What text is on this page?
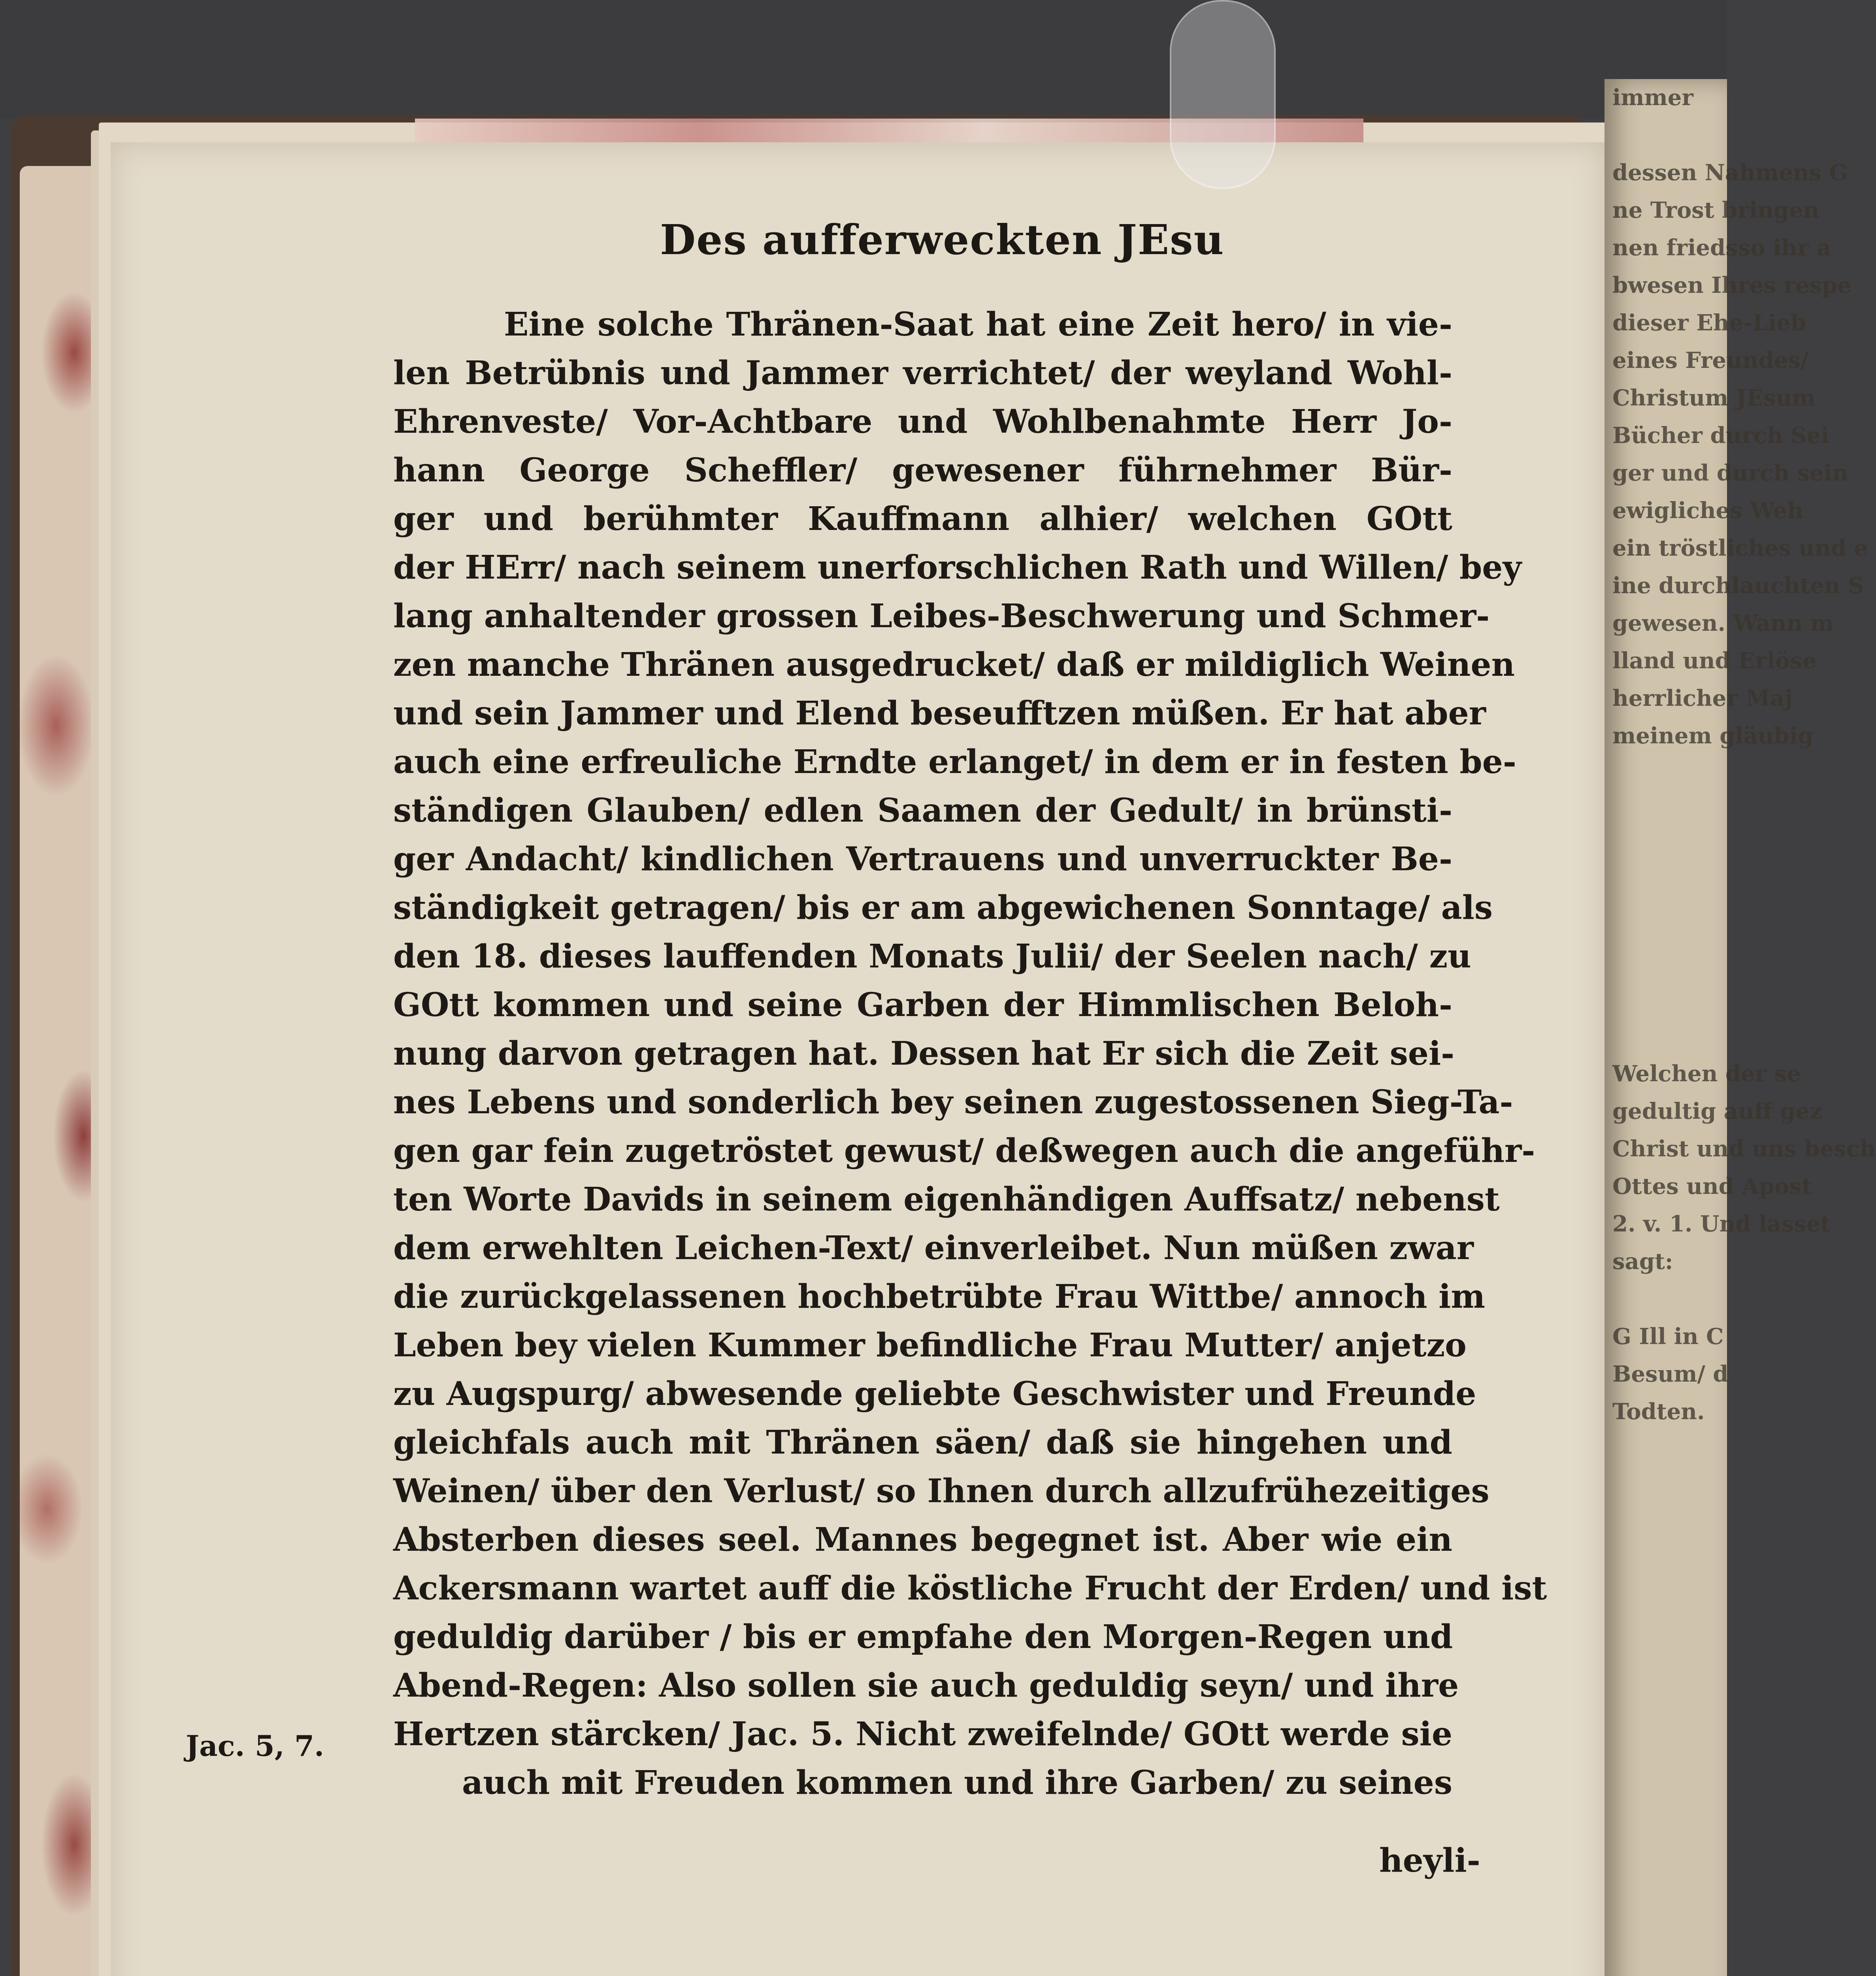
immer
dessen Nahmens G
ne Trost bringen
nen friedsso ihr a
bwesen Ihres respe
dieser Ehe-Lieb
eines Freundes/
Christum JEsum
Bücher durch Sei
ger und durch sein
ewigliches Weh
ein tröstliches und e
ine durchlauchten S
gewesen. Wann m
lland und Erlöse
herrlicher Maj
meinem gläubig
Welchen der se
gedultig auff gez
Christ und uns besch
Ottes und Apost
2. v. 1. Und lasset
sagt:
G Ill in C
Besum/ d
Todten.
Des aufferweckten JEsu
Eine solche Thränen-Saat hat eine Zeit hero/ in vie-
len Betrübnis und Jammer verrichtet/ der weyland Wohl-
Ehrenveste/ Vor-Achtbare und Wohlbenahmte Herr Jo-
hann George Scheffler/ gewesener führnehmer Bür-
ger und berühmter Kauffmann alhier/ welchen GOtt
der HErr/ nach seinem unerforschlichen Rath und Willen/ bey
lang anhaltender grossen Leibes-Beschwerung und Schmer-
zen manche Thränen ausgedrucket/ daß er mildiglich Weinen
und sein Jammer und Elend beseufftzen müßen. Er hat aber
auch eine erfreuliche Erndte erlanget/ in dem er in festen be-
ständigen Glauben/ edlen Saamen der Gedult/ in brünsti-
ger Andacht/ kindlichen Vertrauens und unverruckter Be-
ständigkeit getragen/ bis er am abgewichenen Sonntage/ als
den 18. dieses lauffenden Monats Julii/ der Seelen nach/ zu
GOtt kommen und seine Garben der Himmlischen Beloh-
nung darvon getragen hat. Dessen hat Er sich die Zeit sei-
nes Lebens und sonderlich bey seinen zugestossenen Sieg-Ta-
gen gar fein zugetröstet gewust/ deßwegen auch die angeführ-
ten Worte Davids in seinem eigenhändigen Auffsatz/ nebenst
dem erwehlten Leichen-Text/ einverleibet. Nun müßen zwar
die zurückgelassenen hochbetrübte Frau Wittbe/ annoch im
Leben bey vielen Kummer befindliche Frau Mutter/ anjetzo
zu Augspurg/ abwesende geliebte Geschwister und Freunde
gleichfals auch mit Thränen säen/ daß sie hingehen und
Weinen/ über den Verlust/ so Ihnen durch allzufrühezeitiges
Absterben dieses seel. Mannes begegnet ist. Aber wie ein
Ackersmann wartet auff die köstliche Frucht der Erden/ und ist
geduldig darüber / bis er empfahe den Morgen-Regen und
Abend-Regen: Also sollen sie auch geduldig seyn/ und ihre
Hertzen stärcken/ Jac. 5. Nicht zweifelnde/ GOtt werde sie
auch mit Freuden kommen und ihre Garben/ zu seines
Jac. 5, 7.
heyli-
